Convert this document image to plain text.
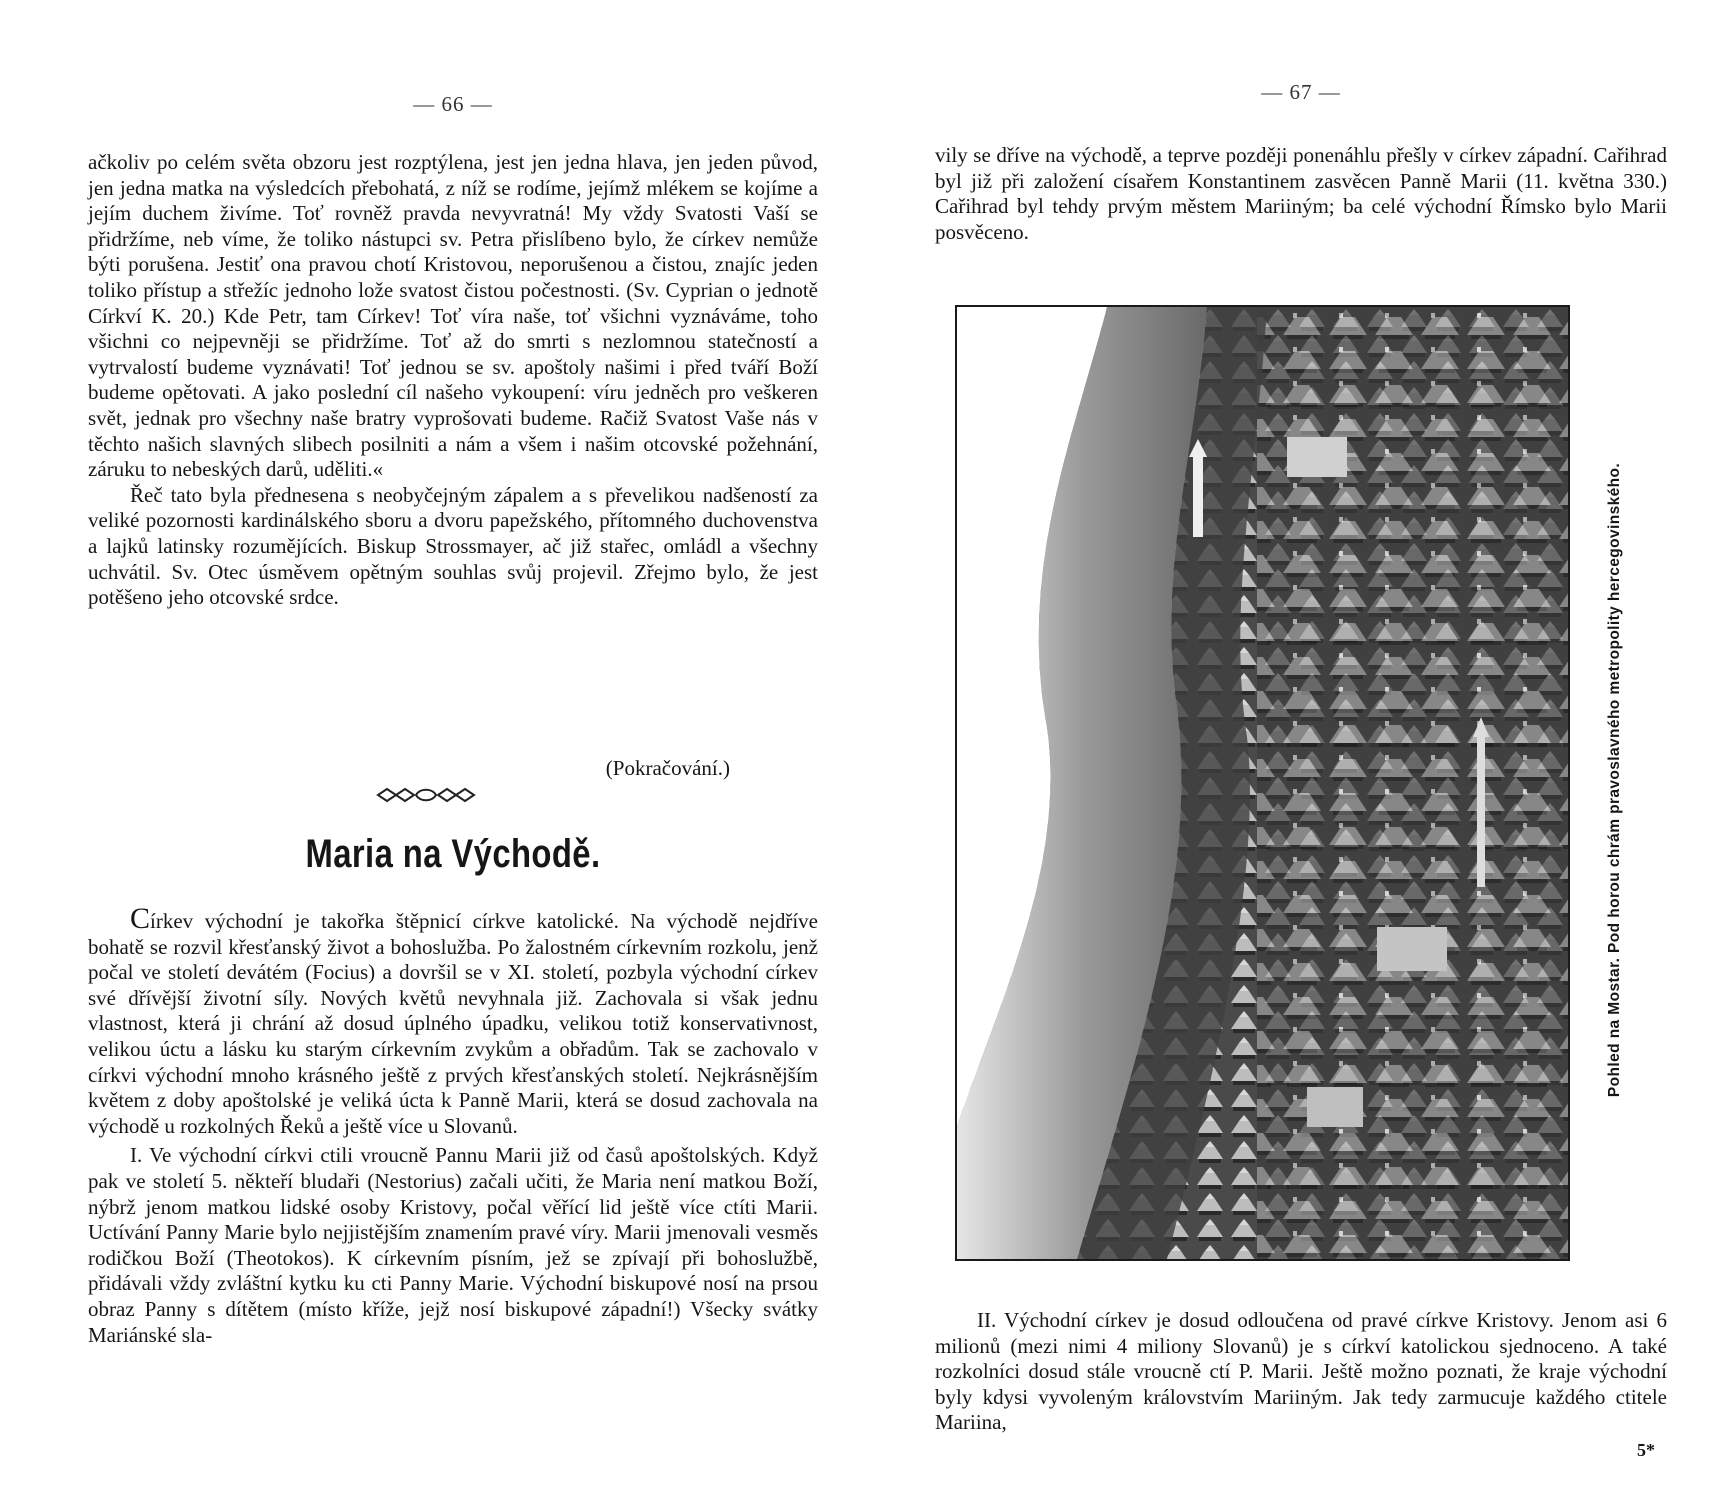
— 66 —

ačkoliv po celém světa obzoru jest rozptýlena, jest jen jedna hlava, jen jeden původ, jen jedna matka na výsledcích přebohatá, z níž se rodíme, jejímž mlékem se kojíme a jejím duchem živíme. Toť rovněž pravda nevyvratná! My vždy Svatosti Vaší se přidržíme, neb víme, že toliko nástupci sv. Petra přislíbeno bylo, že církev nemůže býti porušena. Jestiť ona pravou chotí Kristovou, neporušenou a čistou, znajíc jeden toliko přístup a střežíc jednoho lože svatost čistou počestnosti. (Sv. Cyprian o jednotě Církví K. 20.) Kde Petr, tam Církev! Toť víra naše, toť všichni vyznáváme, toho všichni co nejpevněji se přidržíme. Toť až do smrti s nezlomnou statečností a vytrvalostí budeme vyznávati! Toť jednou se sv. apoštoly našimi i před tváří Boží budeme opětovati. A jako poslední cíl našeho vykoupení: víru jedněch pro veškeren svět, jednak pro všechny naše bratry vyprošovati budeme. Račiž Svatost Vaše nás v těchto našich slavných slibech posilniti a nám a všem i našim otcovské požehnání, záruku to nebeských darů, uděliti.«

Řeč tato byla přednesena s neobyčejným zápalem a s převelikou nadšeností za veliké pozornosti kardinálského sboru a dvoru papežského, přítomného duchovenstva a lajků latinsky rozumějících. Biskup Strossmayer, ač již stařec, omládl a všechny uchvátil. Sv. Otec úsměvem opětným souhlas svůj projevil. Zřejmo bylo, že jest potěšeno jeho otcovské srdce.

(Pokračování.)
Maria na Východě.

Církev východní je takořka štěpnicí církve katolické. Na východě nejdříve bohatě se rozvil křesťanský život a bohoslužba. Po žalostném církevním rozkolu, jenž počal ve století devátém (Focius) a dovršil se v XI. století, pozbyla východní církev své dřívější životní síly. Nových květů nevyhnala již. Zachovala si však jednu vlastnost, která ji chrání až dosud úplného úpadku, velikou totiž konservativnost, velikou úctu a lásku ku starým církevním zvykům a obřadům. Tak se zachovalo v církvi východní mnoho krásného ještě z prvých křesťanských století. Nejkrásnějším květem z doby apoštolské je veliká úcta k Panně Marii, která se dosud zachovala na východě u rozkolných Řeků a ještě více u Slovanů.

I. Ve východní církvi ctili vroucně Pannu Marii již od časů apoštolských. Když pak ve století 5. někteří bludaři (Nestorius) začali učiti, že Maria není matkou Boží, nýbrž jenom matkou lidské osoby Kristovy, počal věřící lid ještě více ctíti Marii. Uctívání Panny Marie bylo nejjistějším znamením pravé víry. Marii jmenovali vesměs rodičkou Boží (Theotokos). K církevním písním, jež se zpívají při bohoslužbě, přidávali vždy zvláštní kytku ku cti Panny Marie. Východní biskupové nosí na prsou obraz Panny s dítětem (místo kříže, jejž nosí biskupové západní!) Všecky svátky Mariánské sla-

— 67 —

vily se dříve na východě, a teprve později ponenáhlu přešly v církev západní. Cařihrad byl již při založení císařem Konstantinem zasvěcen Panně Marii (11. května 330.) Cařihrad byl tehdy prvým městem Mariiným; ba celé východní Římsko bylo Marii posvěceno.

Pohled na Mostar. Pod horou chrám pravoslavného metropolity hercegovinského.

II. Východní církev je dosud odloučena od pravé církve Kristovy. Jenom asi 6 milionů (mezi nimi 4 miliony Slovanů) je s církví katolickou sjednoceno. A také rozkolníci dosud stále vroucně ctí P. Marii. Ještě možno poznati, že kraje východní byly kdysi vyvoleným královstvím Mariiným. Jak tedy zarmucuje každého ctitele Mariina,

5*
